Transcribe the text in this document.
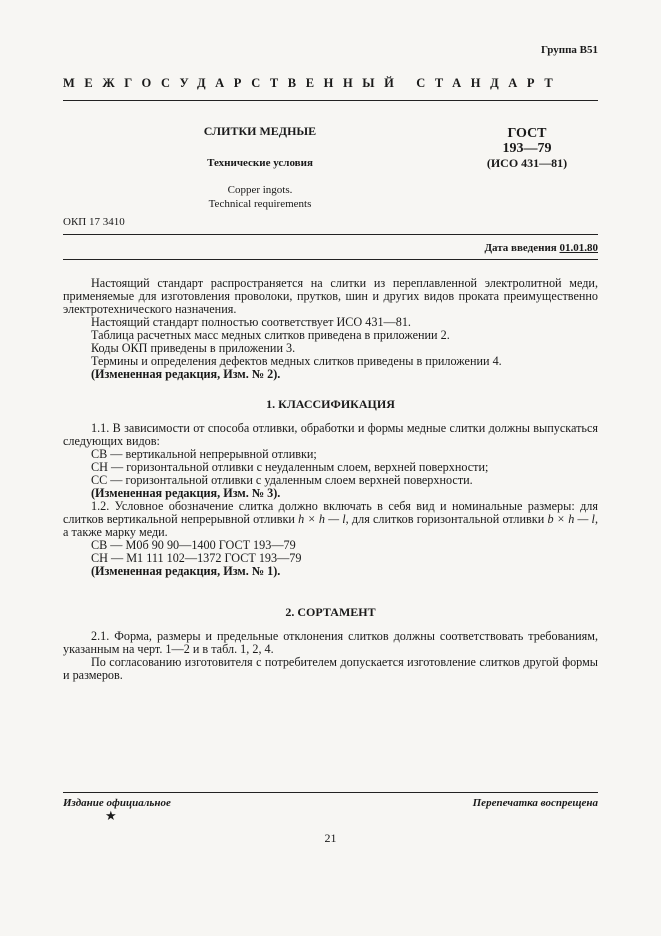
Группа В51
МЕЖГОСУДАРСТВЕННЫЙ СТАНДАРТ
СЛИТКИ МЕДНЫЕ
Технические условия
Copper ingots.
Technical requirements
ГОСТ
193—79
(ИСО 431—81)
ОКП 17 3410
Дата введения 01.01.80

Настоящий стандарт распространяется на слитки из переплавленной электролитной меди, применяемые для изготовления проволоки, прутков, шин и других видов проката преимущественно электротехнического назначения.

Настоящий стандарт полностью соответствует ИСО 431—81.

Таблица расчетных масс медных слитков приведена в приложении 2.

Коды ОКП приведены в приложении 3.

Термины и определения дефектов медных слитков приведены в приложении 4.

(Измененная редакция, Изм. № 2).

1. КЛАССИФИКАЦИЯ

1.1. В зависимости от способа отливки, обработки и формы медные слитки должны выпускаться следующих видов:

СВ — вертикальной непрерывной отливки;

СН — горизонтальной отливки с неудаленным слоем, верхней поверхности;

СС — горизонтальной отливки с удаленным слоем верхней поверхности.

(Измененная редакция, Изм. № 3).

1.2. Условное обозначение слитка должно включать в себя вид и номинальные размеры: для слитков вертикальной непрерывной отливки h × h — l, для слитков горизонтальной отливки b × h — l, а также марку меди.

СВ — М0б 90 90—1400 ГОСТ 193—79

СН — М1 111 102—1372 ГОСТ 193—79

(Измененная редакция, Изм. № 1).

2. СОРТАМЕНТ

2.1. Форма, размеры и предельные отклонения слитков должны соответствовать требованиям, указанным на черт. 1—2 и в табл. 1, 2, 4.

По согласованию изготовителя с потребителем допускается изготовление слитков другой формы и размеров.

Издание официальное
★
Перепечатка воспрещена
21
